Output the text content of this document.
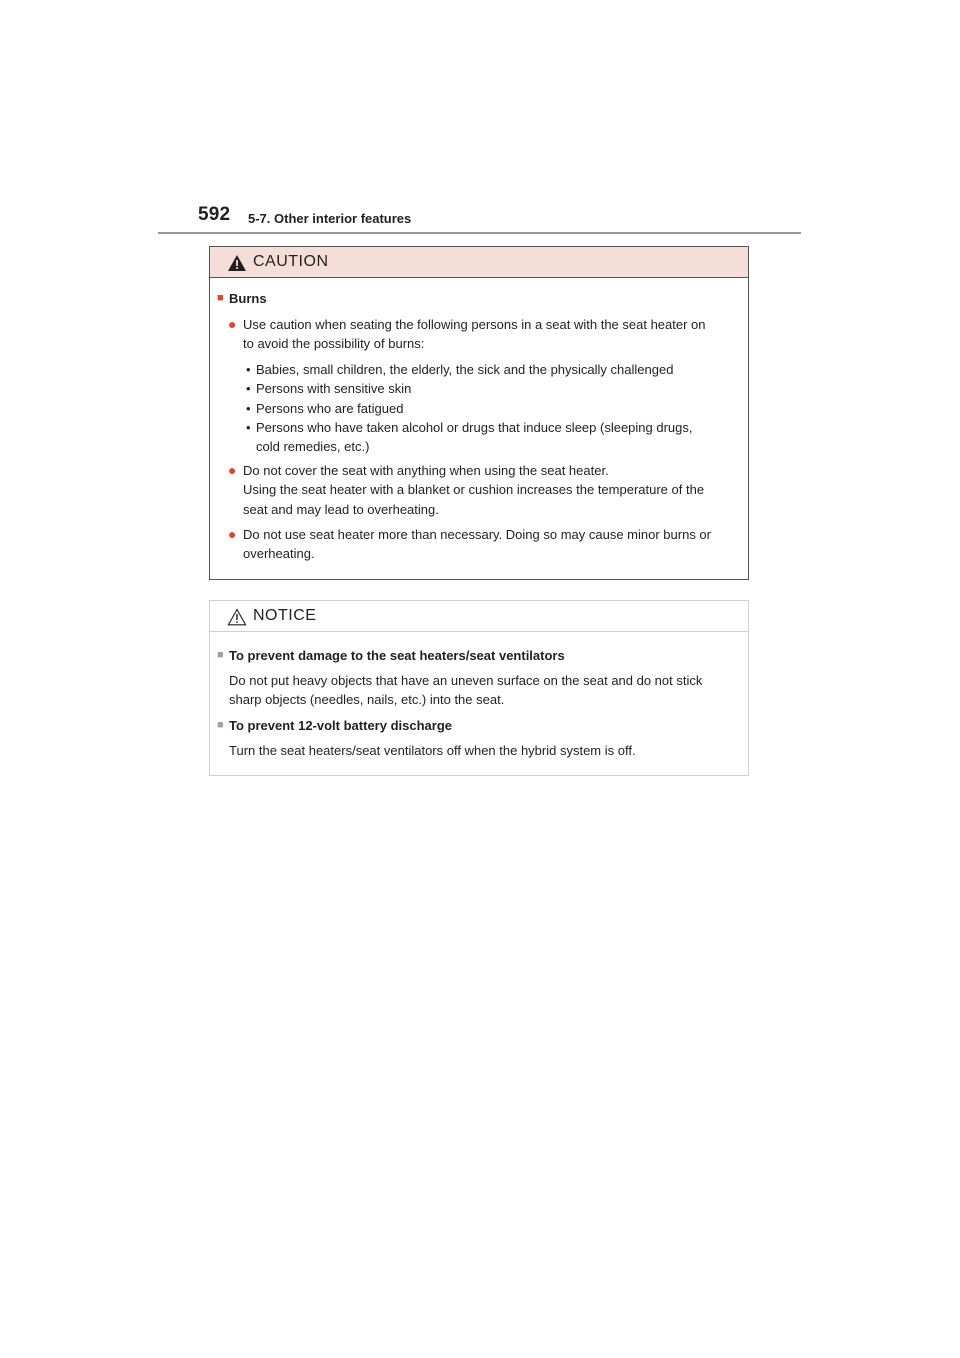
592 5-7. Other interior features
CAUTION
■ Burns
● Use caution when seating the following persons in a seat with the seat heater on
to avoid the possibility of burns:
• Babies, small children, the elderly, the sick and the physically challenged
• Persons with sensitive skin
• Persons who are fatigued
• Persons who have taken alcohol or drugs that induce sleep (sleeping drugs,
cold remedies, etc.)
● Do not cover the seat with anything when using the seat heater.
Using the seat heater with a blanket or cushion increases the temperature of the
seat and may lead to overheating.
● Do not use seat heater more than necessary. Doing so may cause minor burns or
overheating.
NOTICE
■ To prevent damage to the seat heaters/seat ventilators
Do not put heavy objects that have an uneven surface on the seat and do not stick
sharp objects (needles, nails, etc.) into the seat.
■ To prevent 12-volt battery discharge
Turn the seat heaters/seat ventilators off when the hybrid system is off.
